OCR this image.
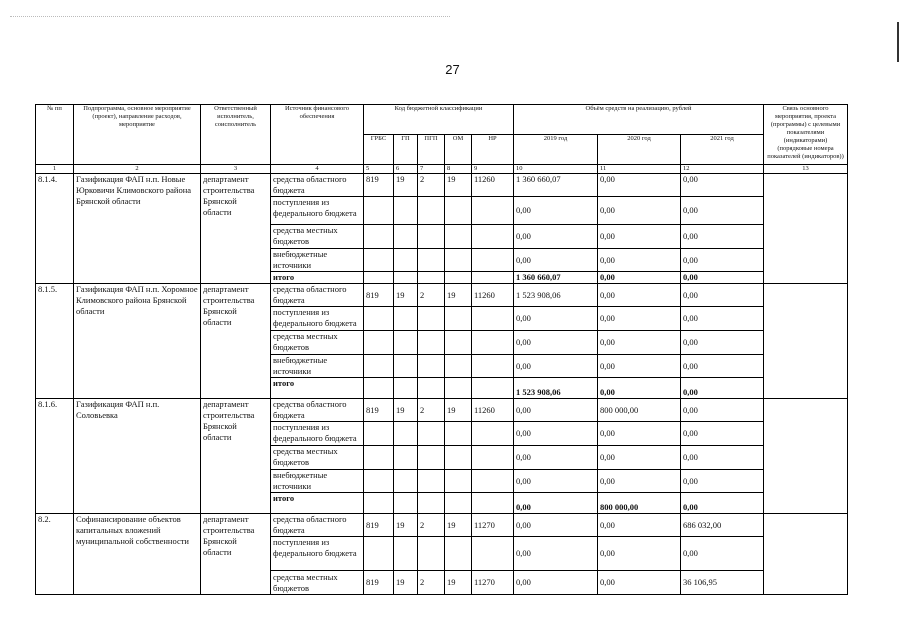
27
№ пп	Подпрограмма, основное мероприятие (проект), направление расходов, мероприятие	Ответственный исполнитель, соисполнитель	Источник финансового обеспечения	Код бюджетной классификации					Объём средств на реализацию, рублей			Связь основного мероприятия, проекта (программы) с целевыми показателями (индикаторами) (порядковые номера показателей (индикаторов))
				ГРБС	ГП	ПГП	ОМ	НР	2019 год	2020 год	2021 год	
1	2	3	4	5	6	7	8	9	10	11	12	13
8.1.4.	Газификация ФАП н.п. Новые Юрковичи Климовского района Брянской области	департамент
строительства
Брянской
области	средства областного бюджета	819	19	2	19	11260	1 360 660,07	0,00	0,00	
			поступления из федерального бюджета						0,00	0,00	0,00	
			средства местных бюджетов						0,00	0,00	0,00	
			внебюджетные источники						0,00	0,00	0,00	
			итого						1 360 660,07	0,00	0,00	

8.1.5.	Газификация ФАП н.п. Хоромное Климовского района Брянской области	департамент
строительства
Брянской
области	средства областного бюджета	819	19	2	19	11260	1 523 908,06	0,00	0,00	
			поступления из федерального бюджета						0,00	0,00	0,00	
			средства местных бюджетов						0,00	0,00	0,00	
			внебюджетные источники						0,00	0,00	0,00	
			итого						1 523 908,06	0,00	0,00	
8.1.6.	Газификация ФАП н.п. Соловьевка	департамент
строительства
Брянской
области	средства областного бюджета	819	19	2	19	11260	0,00	800 000,00	0,00	
			поступления из федерального бюджета						0,00	0,00	0,00	
			средства местных бюджетов						0,00	0,00	0,00	
			внебюджетные источники						0,00	0,00	0,00	
			итого						0,00	800 000,00	0,00	
8.2.	Софинансирование объектов капитальных вложений муниципальной собственности	департамент
строительства
Брянской
области	средства областного бюджета	819	19	2	19	11270	0,00	0,00	686 032,00	
			поступления из федерального бюджета						0,00	0,00	0,00	
			средства местных бюджетов	819	19	2	19	11270	0,00	0,00	36 106,95	
